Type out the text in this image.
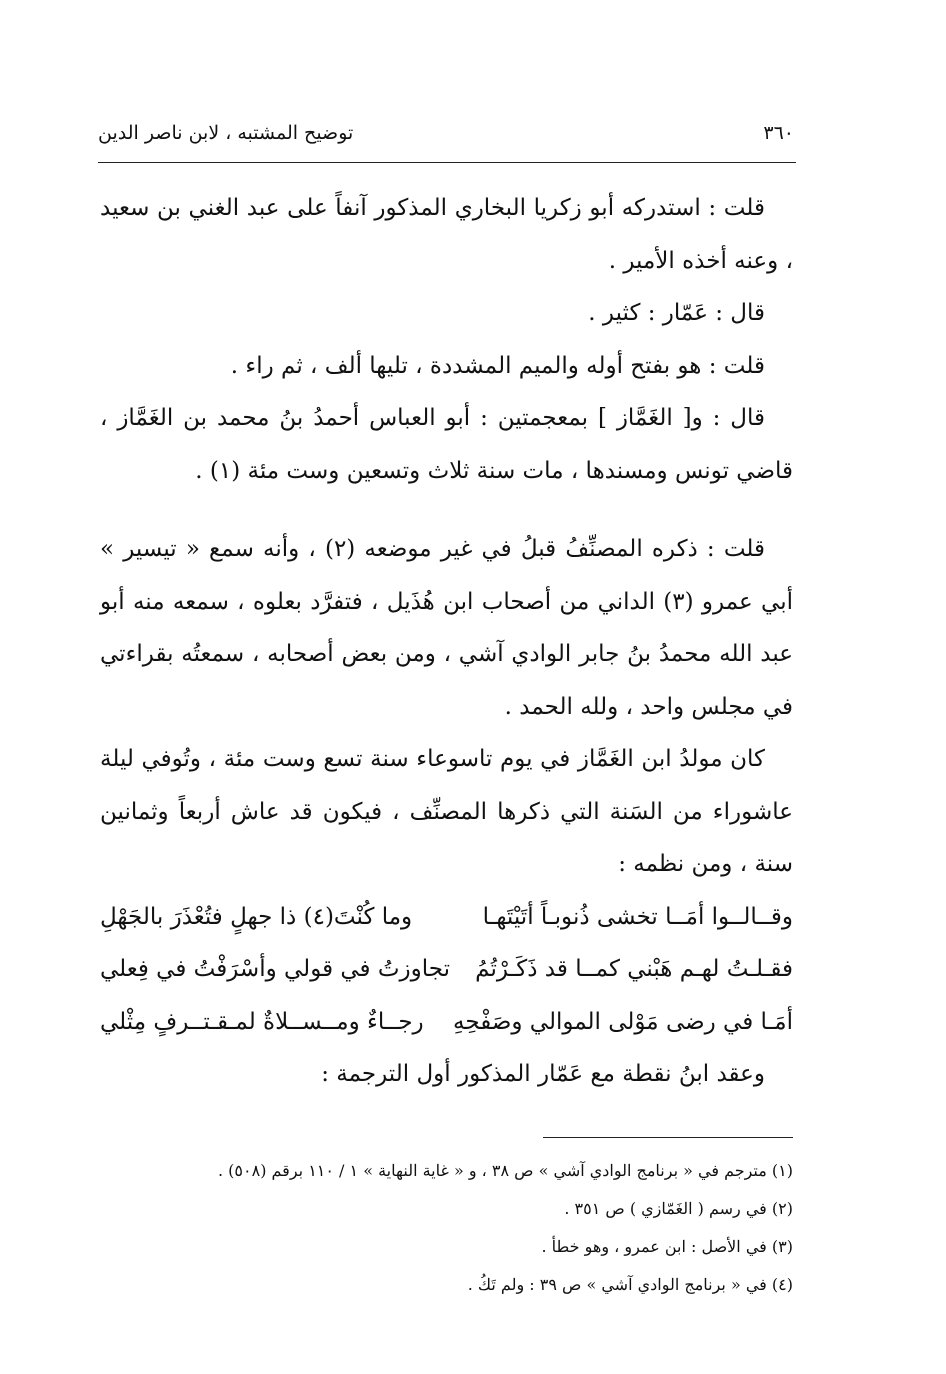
٣٦٠
توضيح المشتبه ، لابن ناصر الدين

قلت : استدركه أبو زكريا البخاري المذكور آنفاً على عبد الغني بن سعيد ، وعنه أخذه الأمير .

قال : عَمّار : كثير .

قلت : هو بفتح أوله والميم المشددة ، تليها ألف ، ثم راء .

قال : و[ الغَمَّاز ] بمعجمتين : أبو العباس أحمدُ بنُ محمد بن الغَمَّاز ، قاضي تونس ومسندها ، مات سنة ثلاث وتسعين وست مئة (١) .

قلت : ذكره المصنِّفُ قبلُ في غير موضعه (٢) ، وأنه سمع « تيسير » أبي عمرو (٣) الداني من أصحاب ابن هُذَيل ، فتفرَّد بعلوه ، سمعه منه أبو عبد الله محمدُ بنُ جابر الوادي آشي ، ومن بعض أصحابه ، سمعتُه بقراءتي في مجلس واحد ، ولله الحمد .

كان مولدُ ابن الغَمَّاز في يوم تاسوعاء سنة تسع وست مئة ، وتُوفي ليلة عاشوراء من السَنة التي ذكرها المصنِّف ، فيكون قد عاش أربعاً وثمانين سنة ، ومن نظمه :

وقــالــوا أمَــا تخشى ذُنوبـاً أتَيْتَهـا
وما كُنْتَ(٤) ذا جهلٍ فتُعْذَرَ بالجَهْلِ
فقـلـتُ لهـم هَبْني كمــا قد ذَكَـرْتُمُ
تجاوزتُ في قولي وأسْرَفْتُ في فِعلي
أمَـا في رضى مَوْلى الموالي وصَفْحِهِ
رجــاءٌ ومــســلاةٌ لمـقـتــرفٍ مِثْلي

وعقد ابنُ نقطة مع عَمّار المذكور أول الترجمة :

(١) مترجم في « برنامج الوادي آشي » ص ٣٨ ، و « غاية النهاية » ١ / ١١٠ برقم (٥٠٨) .
(٢) في رسم ( الغَمّازي ) ص ٣٥١ .
(٣) في الأصل : ابن عمرو ، وهو خطأ .
(٤) في « برنامج الوادي آشي » ص ٣٩ : ولم تَكُ .
